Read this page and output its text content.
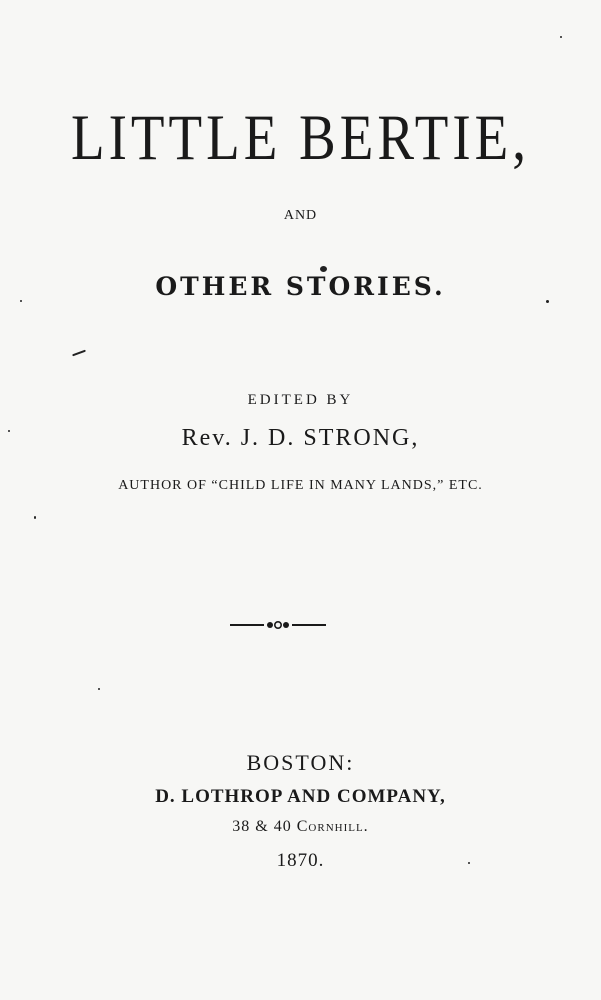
LITTLE BERTIE,
AND
OTHER STORIES.
EDITED BY
Rev. J. D. STRONG,
AUTHOR OF “CHILD LIFE IN MANY LANDS,” ETC.
BOSTON:
D. LOTHROP AND COMPANY,
38 & 40 Cornhill.
1870.
